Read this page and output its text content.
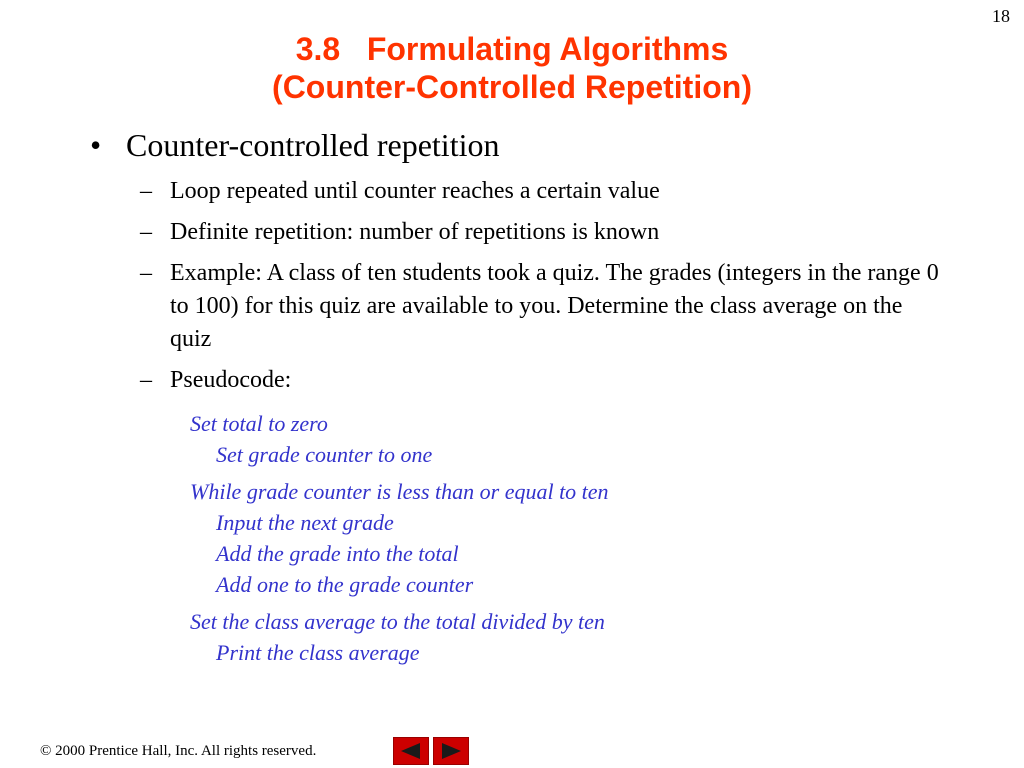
18
3.8	Formulating Algorithms
(Counter-Controlled Repetition)
• Counter-controlled repetition
– Loop repeated until counter reaches a certain value
– Definite repetition: number of repetitions is known
– Example: A class of ten students took a quiz. The grades (integers in the range 0 to 100) for this quiz are available to you. Determine the class average on the quiz
– Pseudocode:
Set total to zero
Set grade counter to one
While grade counter is less than or equal to ten
Input the next grade
Add the grade into the total
Add one to the grade counter
Set the class average to the total divided by ten
Print the class average
© 2000 Prentice Hall, Inc. All rights reserved.
